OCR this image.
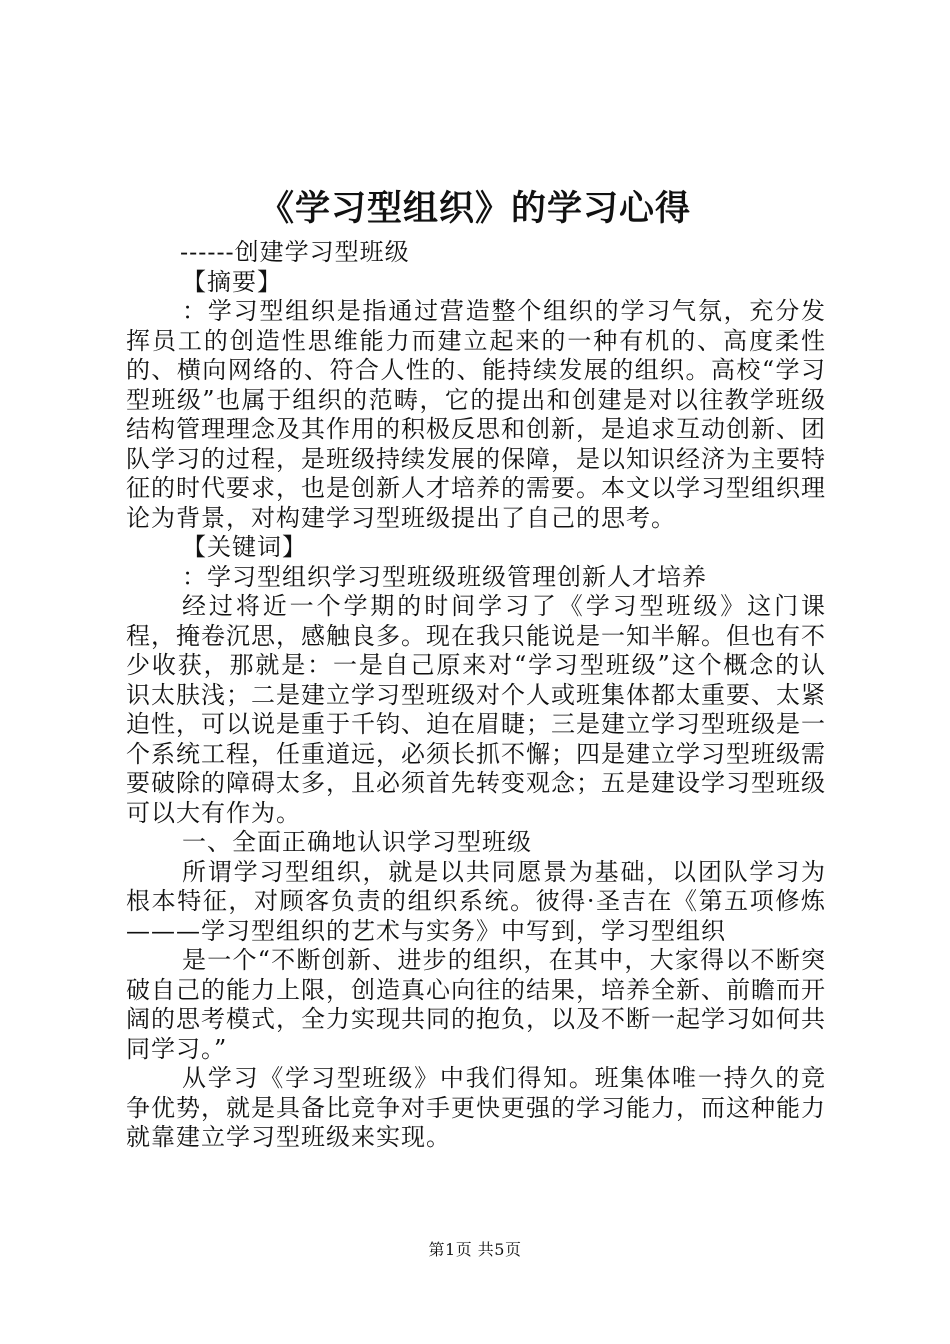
《学习型组织》的学习心得

------创建学习型班级

【摘要】

：学习型组织是指通过营造整个组织的学习气氛，充分发挥员工的创造性思维能力而建立起来的一种有机的、高度柔性的、横向网络的、符合人性的、能持续发展的组织。高校“学习型班级”也属于组织的范畴，它的提出和创建是对以往教学班级结构管理理念及其作用的积极反思和创新，是追求互动创新、团队学习的过程，是班级持续发展的保障，是以知识经济为主要特征的时代要求，也是创新人才培养的需要。本文以学习型组织理论为背景，对构建学习型班级提出了自己的思考。

【关键词】

：学习型组织学习型班级班级管理创新人才培养

经过将近一个学期的时间学习了《学习型班级》这门课程，掩卷沉思，感触良多。现在我只能说是一知半解。但也有不少收获，那就是：一是自己原来对“学习型班级”这个概念的认识太肤浅；二是建立学习型班级对个人或班集体都太重要、太紧迫性，可以说是重于千钧、迫在眉睫；三是建立学习型班级是一个系统工程，任重道远，必须长抓不懈；四是建立学习型班级需要破除的障碍太多，且必须首先转变观念；五是建设学习型班级可以大有作为。

一、全面正确地认识学习型班级

所谓学习型组织，就是以共同愿景为基础，以团队学习为根本特征，对顾客负责的组织系统。彼得·圣吉在《第五项修炼———学习型组织的艺术与实务》中写到，学习型组织

是一个“不断创新、进步的组织，在其中，大家得以不断突破自己的能力上限，创造真心向往的结果，培养全新、前瞻而开阔的思考模式，全力实现共同的抱负，以及不断一起学习如何共同学习。”

从学习《学习型班级》中我们得知。班集体唯一持久的竞争优势，就是具备比竞争对手更快更强的学习能力，而这种能力就靠建立学习型班级来实现。

第1页 共5页
